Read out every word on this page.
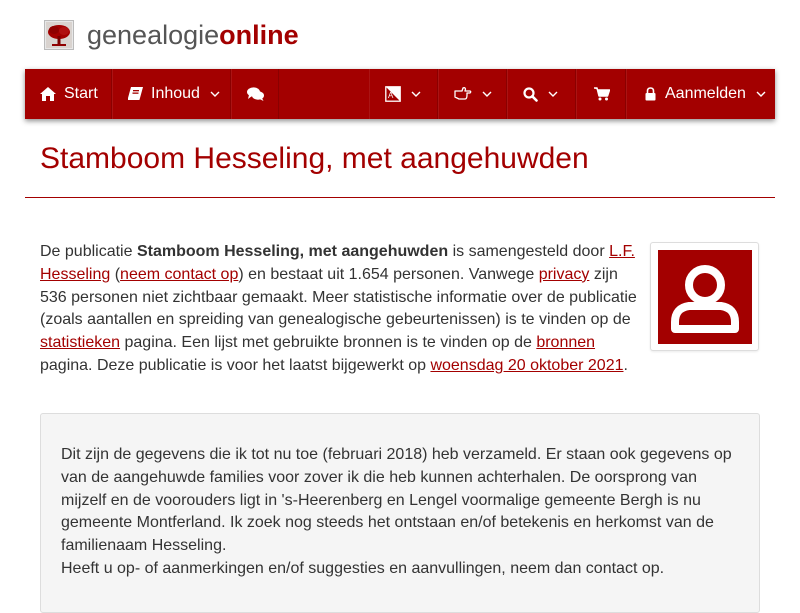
genealogieonline
Start	Inhoud	A	Aanmelden
Stamboom Hesseling, met aangehuwden
De publicatie Stamboom Hesseling, met aangehuwden is samengesteld door L.F. Hesseling (neem contact op) en bestaat uit 1.654 personen. Vanwege privacy zijn 536 personen niet zichtbaar gemaakt. Meer statistische informatie over de publicatie (zoals aantallen en spreiding van genealogische gebeurtenissen) is te vinden op de statistieken pagina. Een lijst met gebruikte bronnen is te vinden op de bronnen pagina. Deze publicatie is voor het laatst bijgewerkt op woensdag 20 oktober 2021.
Dit zijn de gegevens die ik tot nu toe (februari 2018) heb verzameld. Er staan ook gegevens op van de aangehuwde families voor zover ik die heb kunnen achterhalen. De oorsprong van mijzelf en de voorouders ligt in 's-Heerenberg en Lengel voormalige gemeente Bergh is nu gemeente Montferland. Ik zoek nog steeds het ontstaan en/of betekenis en herkomst van de familienaam Hesseling.
Heeft u op- of aanmerkingen en/of suggesties en aanvullingen, neem dan contact op.
